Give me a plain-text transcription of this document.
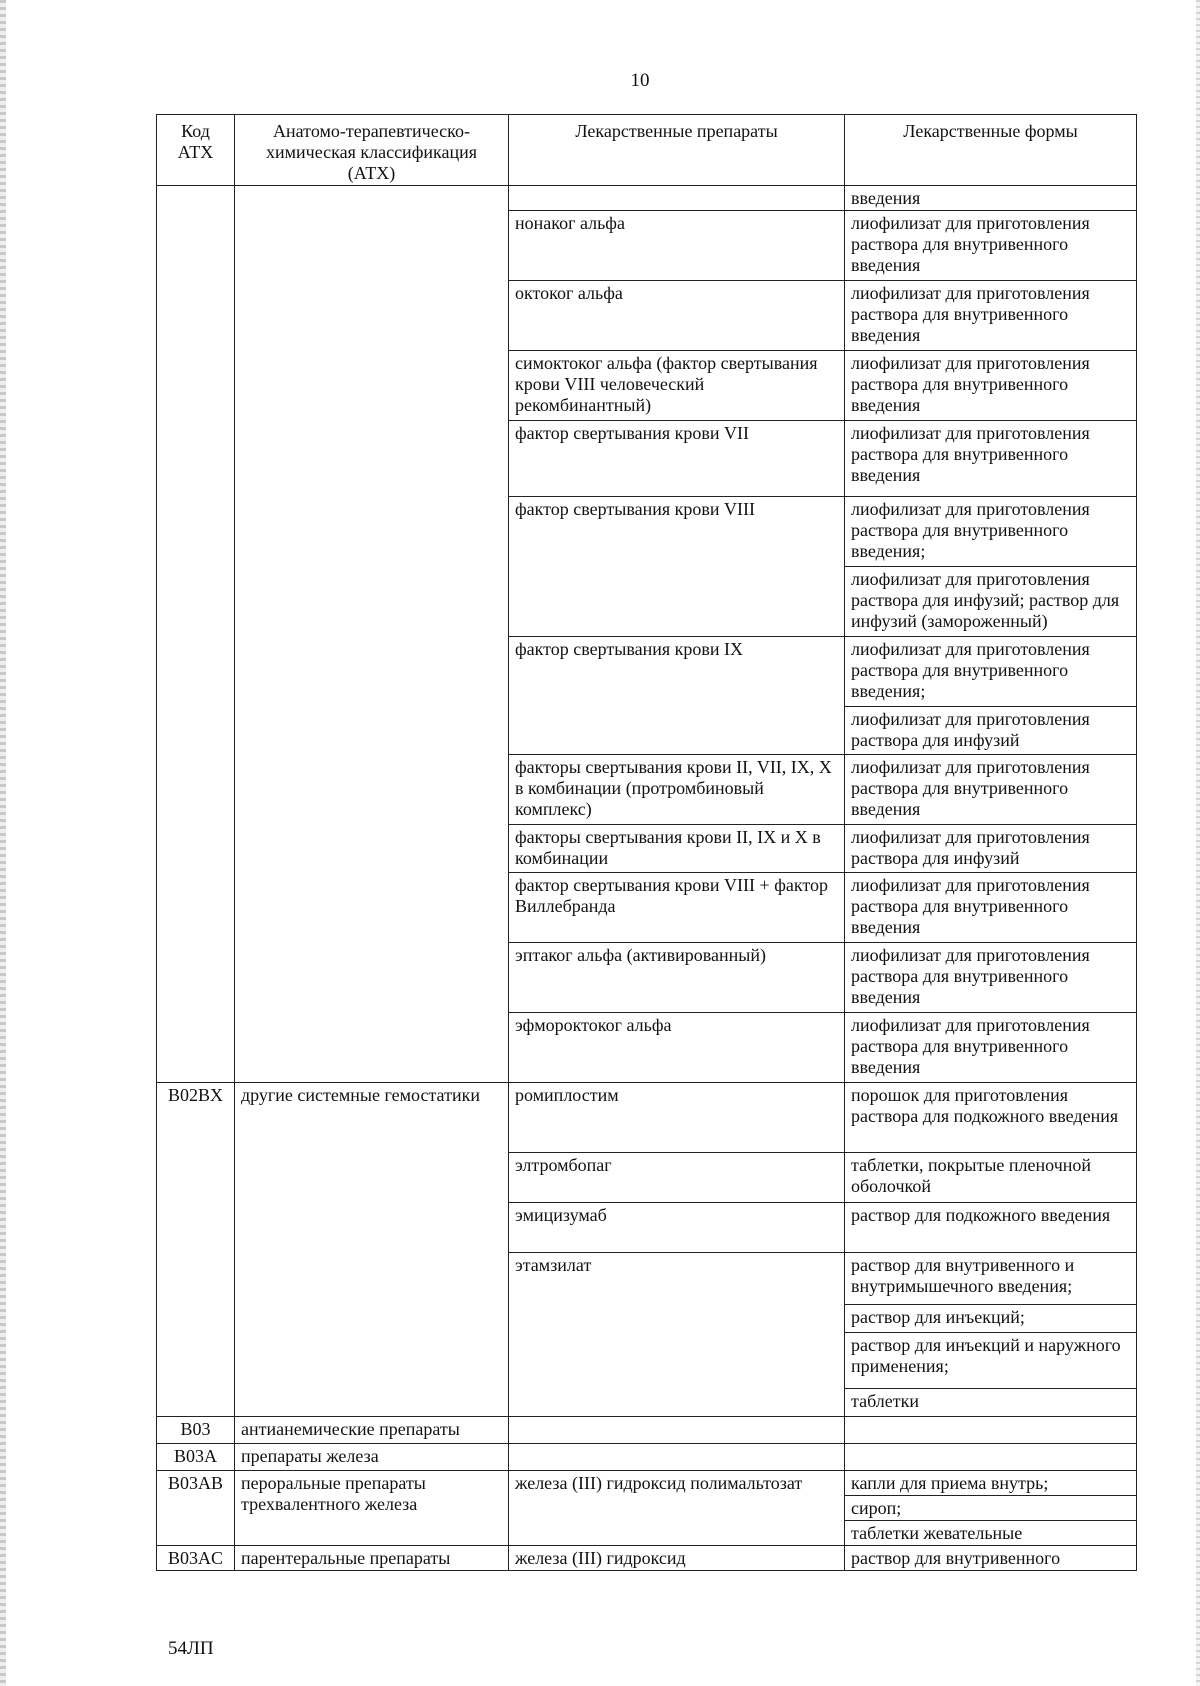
10
Код АТХ	Анатомо-терапевтическо-химическая классификация (АТХ)	Лекарственные препараты	Лекарственные формы
			введения
		нонаког альфа	лиофилизат для приготовления раствора для внутривенного введения
		октоког альфа	лиофилизат для приготовления раствора для внутривенного введения
		симоктоког альфа (фактор свертывания крови VIII человеческий рекомбинантный)	лиофилизат для приготовления раствора для внутривенного введения
		фактор свертывания крови VII	лиофилизат для приготовления раствора для внутривенного введения
		фактор свертывания крови VIII	лиофилизат для приготовления раствора для внутривенного введения;
			лиофилизат для приготовления раствора для инфузий; раствор для инфузий (замороженный)
		фактор свертывания крови IX	лиофилизат для приготовления раствора для внутривенного введения;
			лиофилизат для приготовления раствора для инфузий
		факторы свертывания крови II, VII, IX, X в комбинации (протромбиновый комплекс)	лиофилизат для приготовления раствора для внутривенного введения
		факторы свертывания крови II, IX и X в комбинации	лиофилизат для приготовления раствора для инфузий
		фактор свертывания крови VIII + фактор Виллебранда	лиофилизат для приготовления раствора для внутривенного введения
		эптаког альфа (активированный)	лиофилизат для приготовления раствора для внутривенного введения
		эфмороктоког альфа	лиофилизат для приготовления раствора для внутривенного введения

B02BX	другие системные гемостатики	ромиплостим	порошок для приготовления раствора для подкожного введения
		элтромбопаг	таблетки, покрытые пленочной оболочкой
		эмицизумаб	раствор для подкожного введения
		этамзилат	раствор для внутривенного и внутримышечного введения;
			раствор для инъекций;
			раствор для инъекций и наружного применения;
			таблетки
B03	антианемические препараты		
B03A	препараты железа		
B03AB	пероральные препараты трехвалентного железа	железа (III) гидроксид полимальтозат	капли для приема внутрь;
			сироп;
			таблетки жевательные
B03AC	парентеральные препараты	железа (III) гидроксид	раствор для внутривенного
54ЛП
